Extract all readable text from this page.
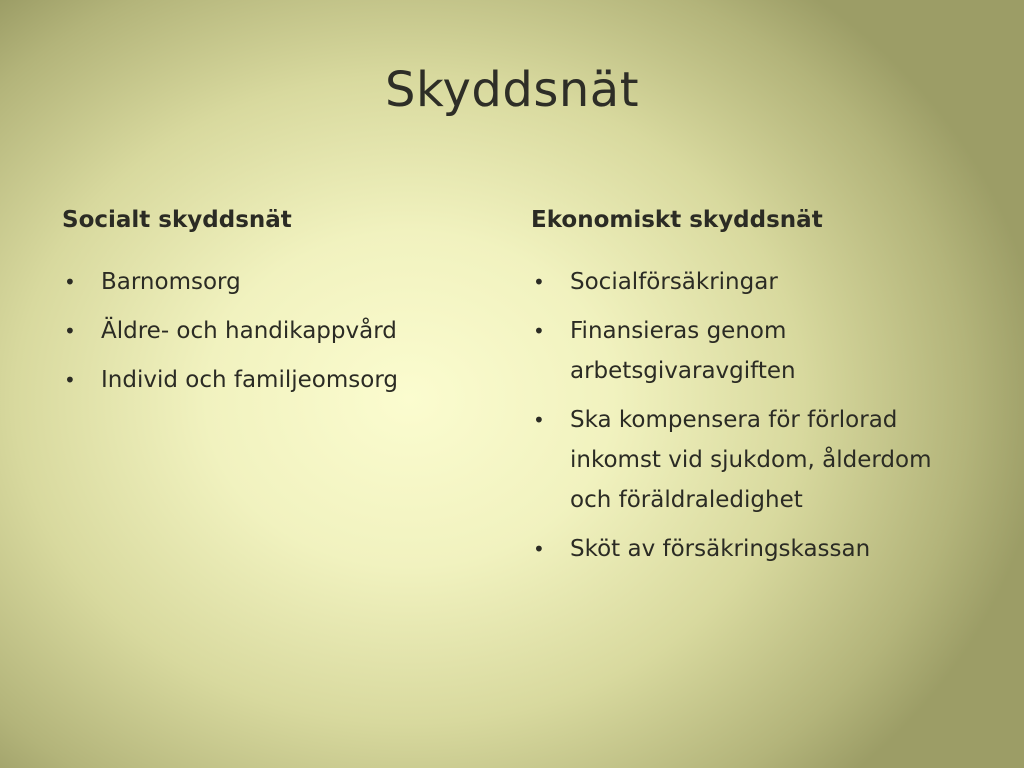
Skyddsnät
Socialt skyddsnät
• Barnomsorg
• Äldre- och handikappvård
• Individ och familjeomsorg
Ekonomiskt skyddsnät
• Socialförsäkringar
• Finansieras genom arbetsgivaravgiften
• Ska kompensera för förlorad inkomst vid sjukdom, ålderdom och föräldraledighet
• Sköt av försäkringskassan
